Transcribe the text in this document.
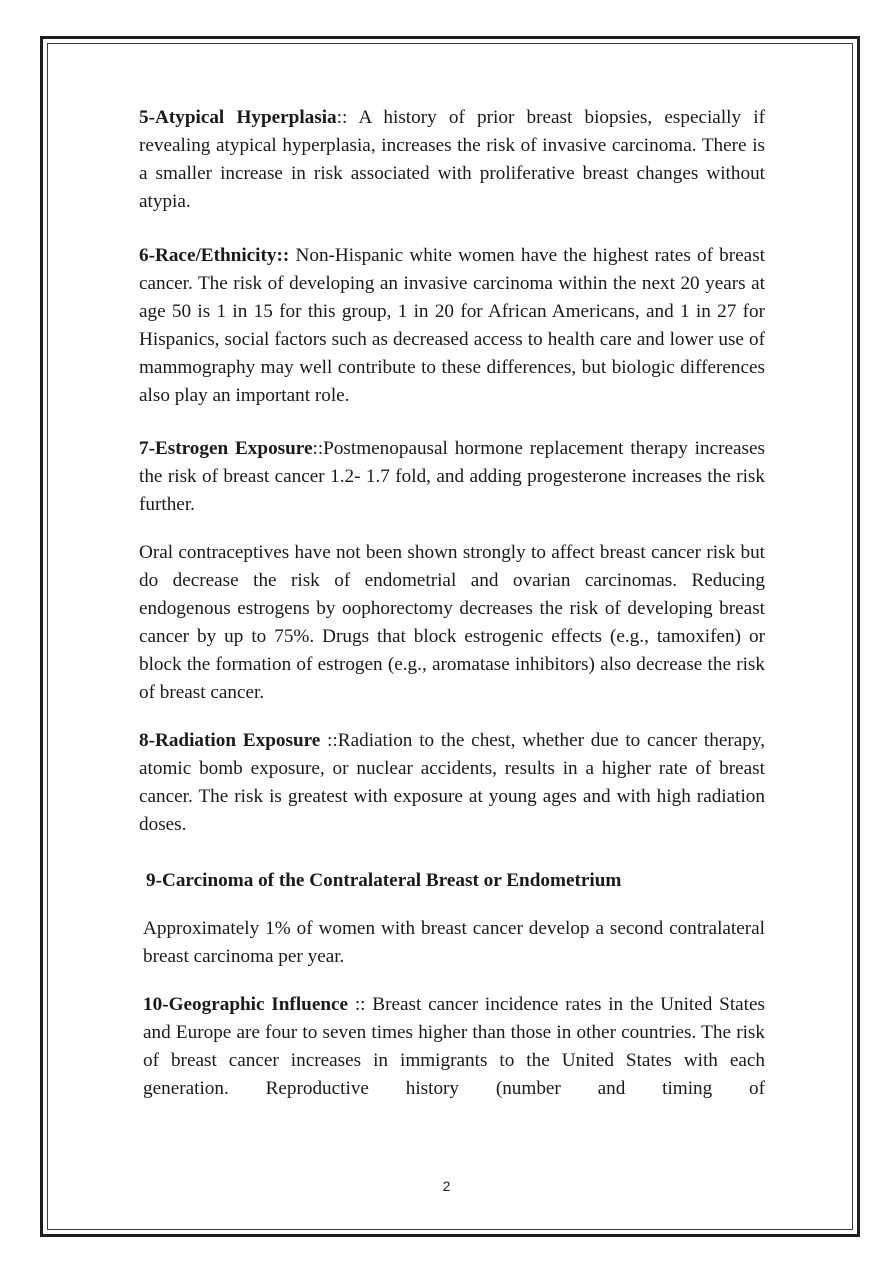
5-Atypical Hyperplasia:: A history of prior breast biopsies, especially if revealing atypical hyperplasia, increases the risk of invasive carcinoma. There is a smaller increase in risk associated with proliferative breast changes without atypia.

6-Race/Ethnicity:: Non-Hispanic white women have the highest rates of breast cancer. The risk of developing an invasive carcinoma within the next 20 years at age 50 is 1 in 15 for this group, 1 in 20 for African Americans, and 1 in 27 for Hispanics, social factors such as decreased access to health care and lower use of mammography may well contribute to these differences, but biologic differences also play an important role.

7-Estrogen Exposure::Postmenopausal hormone replacement therapy increases the risk of breast cancer 1.2- 1.7 fold, and adding progesterone increases the risk further.

Oral contraceptives have not been shown strongly to affect breast cancer risk but do decrease the risk of endometrial and ovarian carcinomas. Reducing endogenous estrogens by oophorectomy decreases the risk of developing breast cancer by up to 75%. Drugs that block estrogenic effects (e.g., tamoxifen) or block the formation of estrogen (e.g., aromatase inhibitors) also decrease the risk of breast cancer.

8-Radiation Exposure ::Radiation to the chest, whether due to cancer therapy, atomic bomb exposure, or nuclear accidents, results in a higher rate of breast cancer. The risk is greatest with exposure at young ages and with high radiation doses.

9-Carcinoma of the Contralateral Breast or Endometrium

Approximately 1% of women with breast cancer develop a second contralateral breast carcinoma per year.

10-Geographic Influence :: Breast cancer incidence rates in the United States and Europe are four to seven times higher than those in other countries. The risk of breast cancer increases in immigrants to the United States with each generation. Reproductive history (number and timing of

2
